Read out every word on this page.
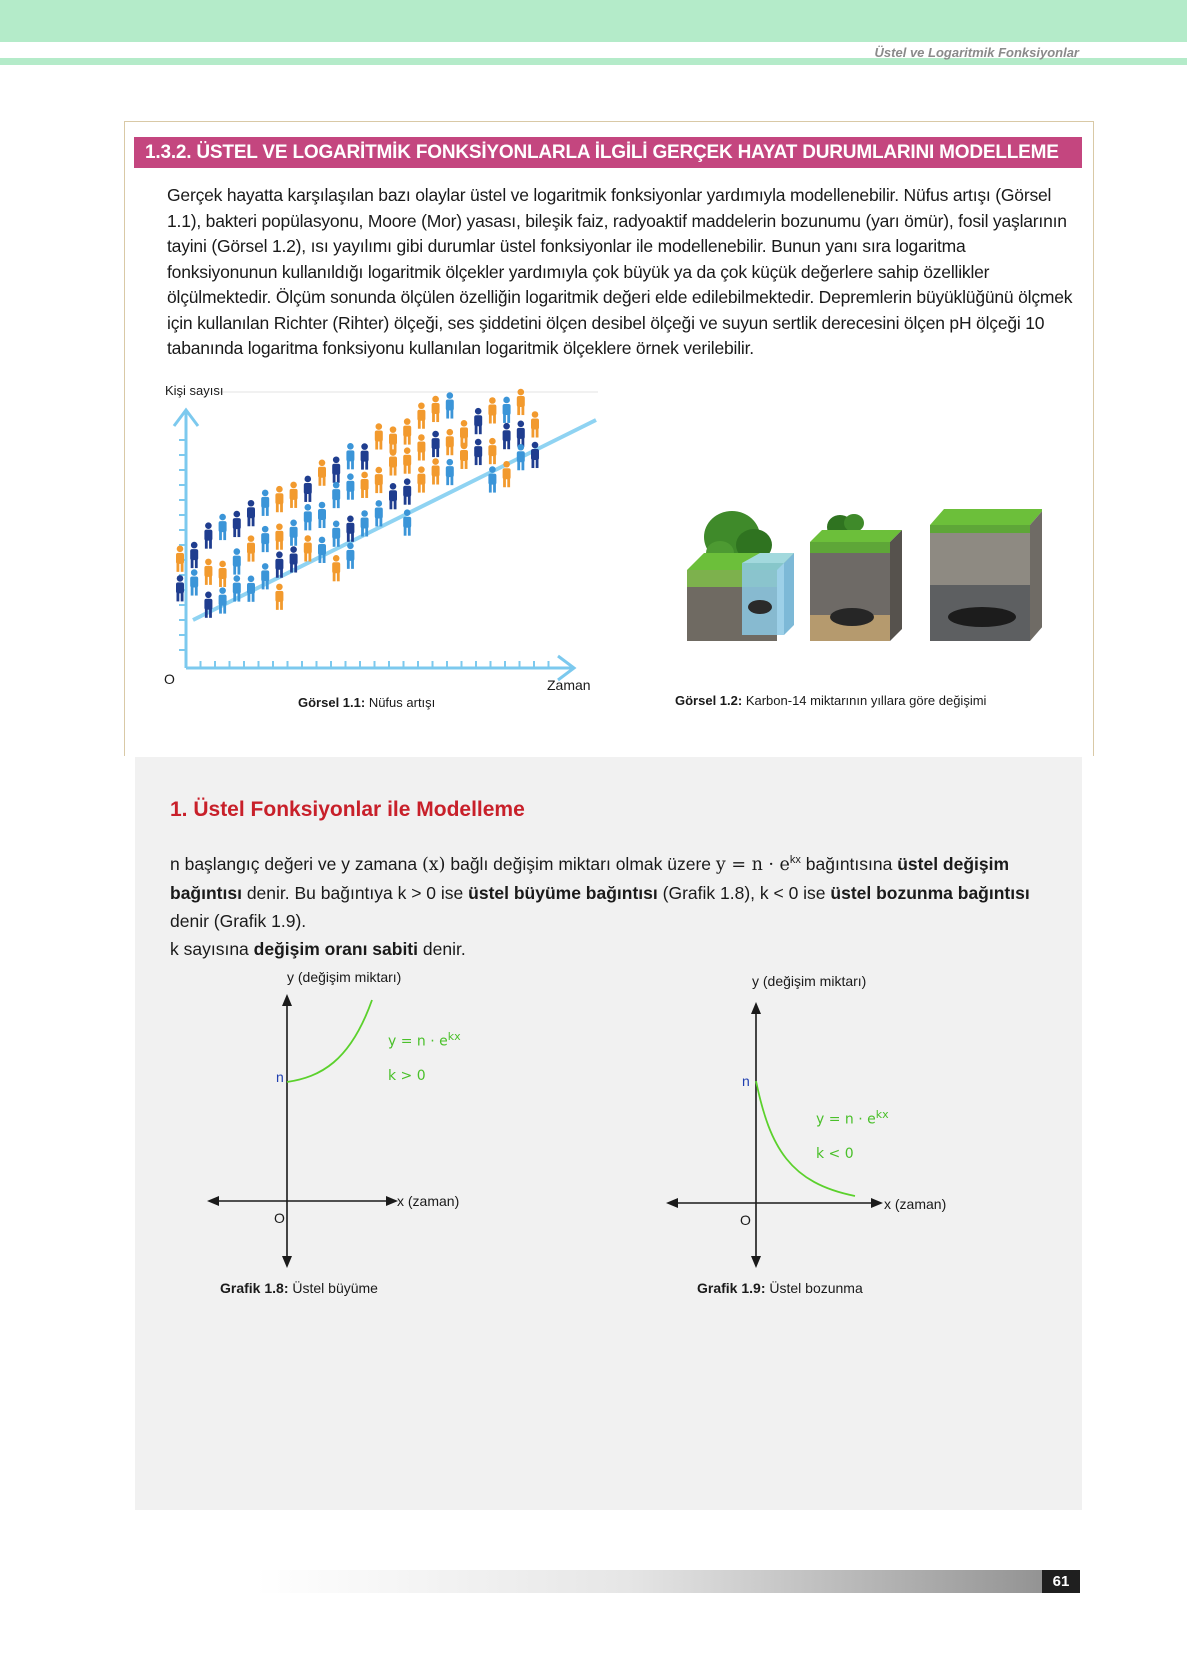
Üstel ve Logaritmik Fonksiyonlar
1.3.2. ÜSTEL VE LOGARİTMİK FONKSİYONLARLA İLGİLİ GERÇEK HAYAT DURUMLARINI MODELLEME

Gerçek hayatta karşılaşılan bazı olaylar üstel ve logaritmik fonksiyonlar yardımıyla modellenebilir. Nüfus artışı (Görsel 1.1), bakteri popülasyonu, Moore (Mor) yasası, bileşik faiz, radyoaktif maddelerin bozunumu (yarı ömür), fosil yaşlarının tayini (Görsel 1.2), ısı yayılımı gibi durumlar üstel fonksiyonlar ile modellenebilir. Bunun yanı sıra logaritma fonksiyonunun kullanıldığı logaritmik ölçekler yardımıyla çok büyük ya da çok küçük değerlere sahip özellikler ölçülmektedir. Ölçüm sonunda ölçülen özelliğin logaritmik değeri elde edilebilmektedir. Depremlerin büyüklüğünü ölçmek için kullanılan Richter (Rihter) ölçeği, ses şiddetini ölçen desibel ölçeği ve suyun sertlik derecesini ölçen pH ölçeği 10 tabanında logaritma fonksiyonu kullanılan logaritmik ölçeklere örnek verilebilir.

Kişi sayısı
Zaman
O
Görsel 1.1: Nüfus artışı	Görsel 1.2: Karbon-14 miktarının yıllara göre değişimi
1. Üstel Fonksiyonlar ile Modelleme

n başlangıç değeri ve y zamana (x) bağlı değişim miktarı olmak üzere $y = n \cdot e^{kx}$ bağıntısına üstel değişim bağıntısı denir. Bu bağıntıya k > 0 ise üstel büyüme bağıntısı (Grafik 1.8), k < 0 ise üstel bozunma bağıntısı denir (Grafik 1.9).
k sayısına değişim oranı sabiti denir.

y (değişim miktarı)
x (zaman)
O
n
$y = n \cdot e^{kx}$
k > 0
Grafik 1.8: Üstel büyüme
y (değişim miktarı)
x (zaman)
O
n
$y = n \cdot e^{kx}$
k < 0
Grafik 1.9: Üstel bozunma
61
